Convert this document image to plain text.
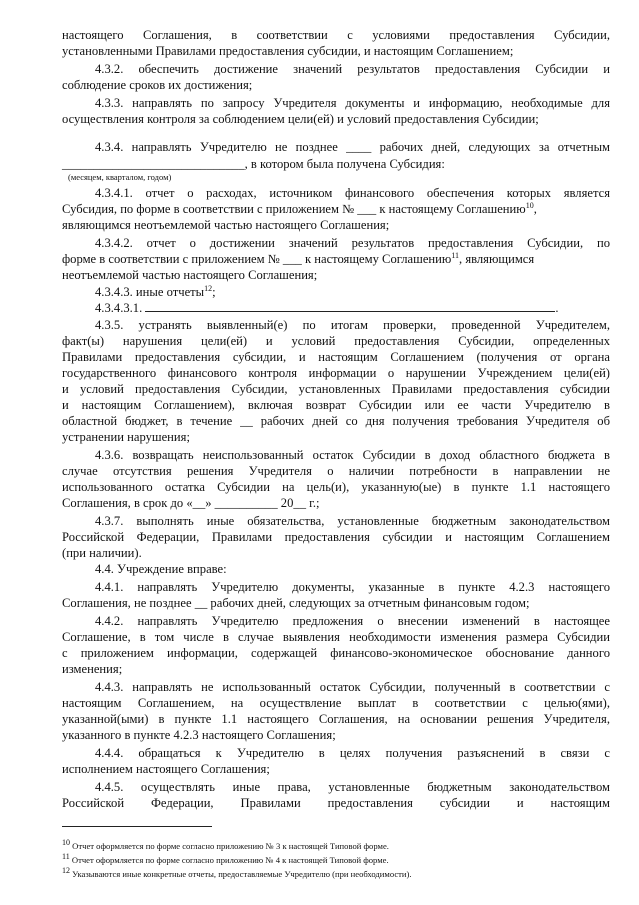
настоящего Соглашения, в соответствии с условиями предоставления Субсидии,
установленными Правилами предоставления субсидии, и настоящим Соглашением;
4.3.2. обеспечить достижение значений результатов предоставления Субсидии и
соблюдение сроков их достижения;
4.3.3. направлять по запросу Учредителя документы и информацию, необходимые для
осуществления контроля за соблюдением цели(ей) и условий предоставления Субсидии;
4.3.4. направлять Учредителю не позднее ____ рабочих дней, следующих за отчетным
_____________________________, в котором была получена Субсидия:
(месяцем, кварталом, годом)
4.3.4.1. отчет о расходах, источником финансового обеспечения которых является
Субсидия, по форме в соответствии с приложением № ___ к настоящему Соглашению$^{10}$,
являющимся неотъемлемой частью настоящего Соглашения;
4.3.4.2. отчет о достижении значений результатов предоставления Субсидии, по
форме в соответствии с приложением № ___ к настоящему Соглашению$^{11}$, являющимся
неотъемлемой частью настоящего Соглашения;
4.3.4.3. иные отчеты$^{12}$;
4.3.4.3.1.	.
4.3.5. устранять выявленный(е) по итогам проверки, проведенной Учредителем,
факт(ы) нарушения цели(ей) и условий предоставления Субсидии, определенных
Правилами предоставления субсидии, и настоящим Соглашением (получения от органа
государственного финансового контроля информации о нарушении Учреждением цели(ей)
и условий предоставления Субсидии, установленных Правилами предоставления субсидии
и настоящим Соглашением), включая возврат Субсидии или ее части Учредителю в
областной бюджет, в течение __ рабочих дней со дня получения требования Учредителя об
устранении нарушения;
4.3.6. возвращать неиспользованный остаток Субсидии в доход областного бюджета в
случае отсутствия решения Учредителя о наличии потребности в направлении не
использованного остатка Субсидии на цель(и), указанную(ые) в пункте 1.1 настоящего
Соглашения, в срок до «__» __________ 20__ г.;
4.3.7. выполнять иные обязательства, установленные бюджетным законодательством
Российской Федерации, Правилами предоставления субсидии и настоящим Соглашением
(при наличии).
4.4. Учреждение вправе:
4.4.1. направлять Учредителю документы, указанные в пункте 4.2.3 настоящего
Соглашения, не позднее __ рабочих дней, следующих за отчетным финансовым годом;
4.4.2. направлять Учредителю предложения о внесении изменений в настоящее
Соглашение, в том числе в случае выявления необходимости изменения размера Субсидии
с приложением информации, содержащей финансово-экономическое обоснование данного
изменения;
4.4.3. направлять не использованный остаток Субсидии, полученный в соответствии с
настоящим Соглашением, на осуществление выплат в соответствии с целью(ями),
указанной(ыми) в пункте 1.1 настоящего Соглашения, на основании решения Учредителя,
указанного в пункте 4.2.3 настоящего Соглашения;
4.4.4. обращаться к Учредителю в целях получения разъяснений в связи с
исполнением настоящего Соглашения;
4.4.5. осуществлять иные права, установленные бюджетным законодательством
Российской Федерации, Правилами предоставления субсидии и настоящим
$^{10}$ Отчет оформляется по форме согласно приложению № 3 к настоящей Типовой форме.
$^{11}$ Отчет оформляется по форме согласно приложению № 4 к настоящей Типовой форме.
$^{12}$ Указываются иные конкретные отчеты, предоставляемые Учредителю (при необходимости).
